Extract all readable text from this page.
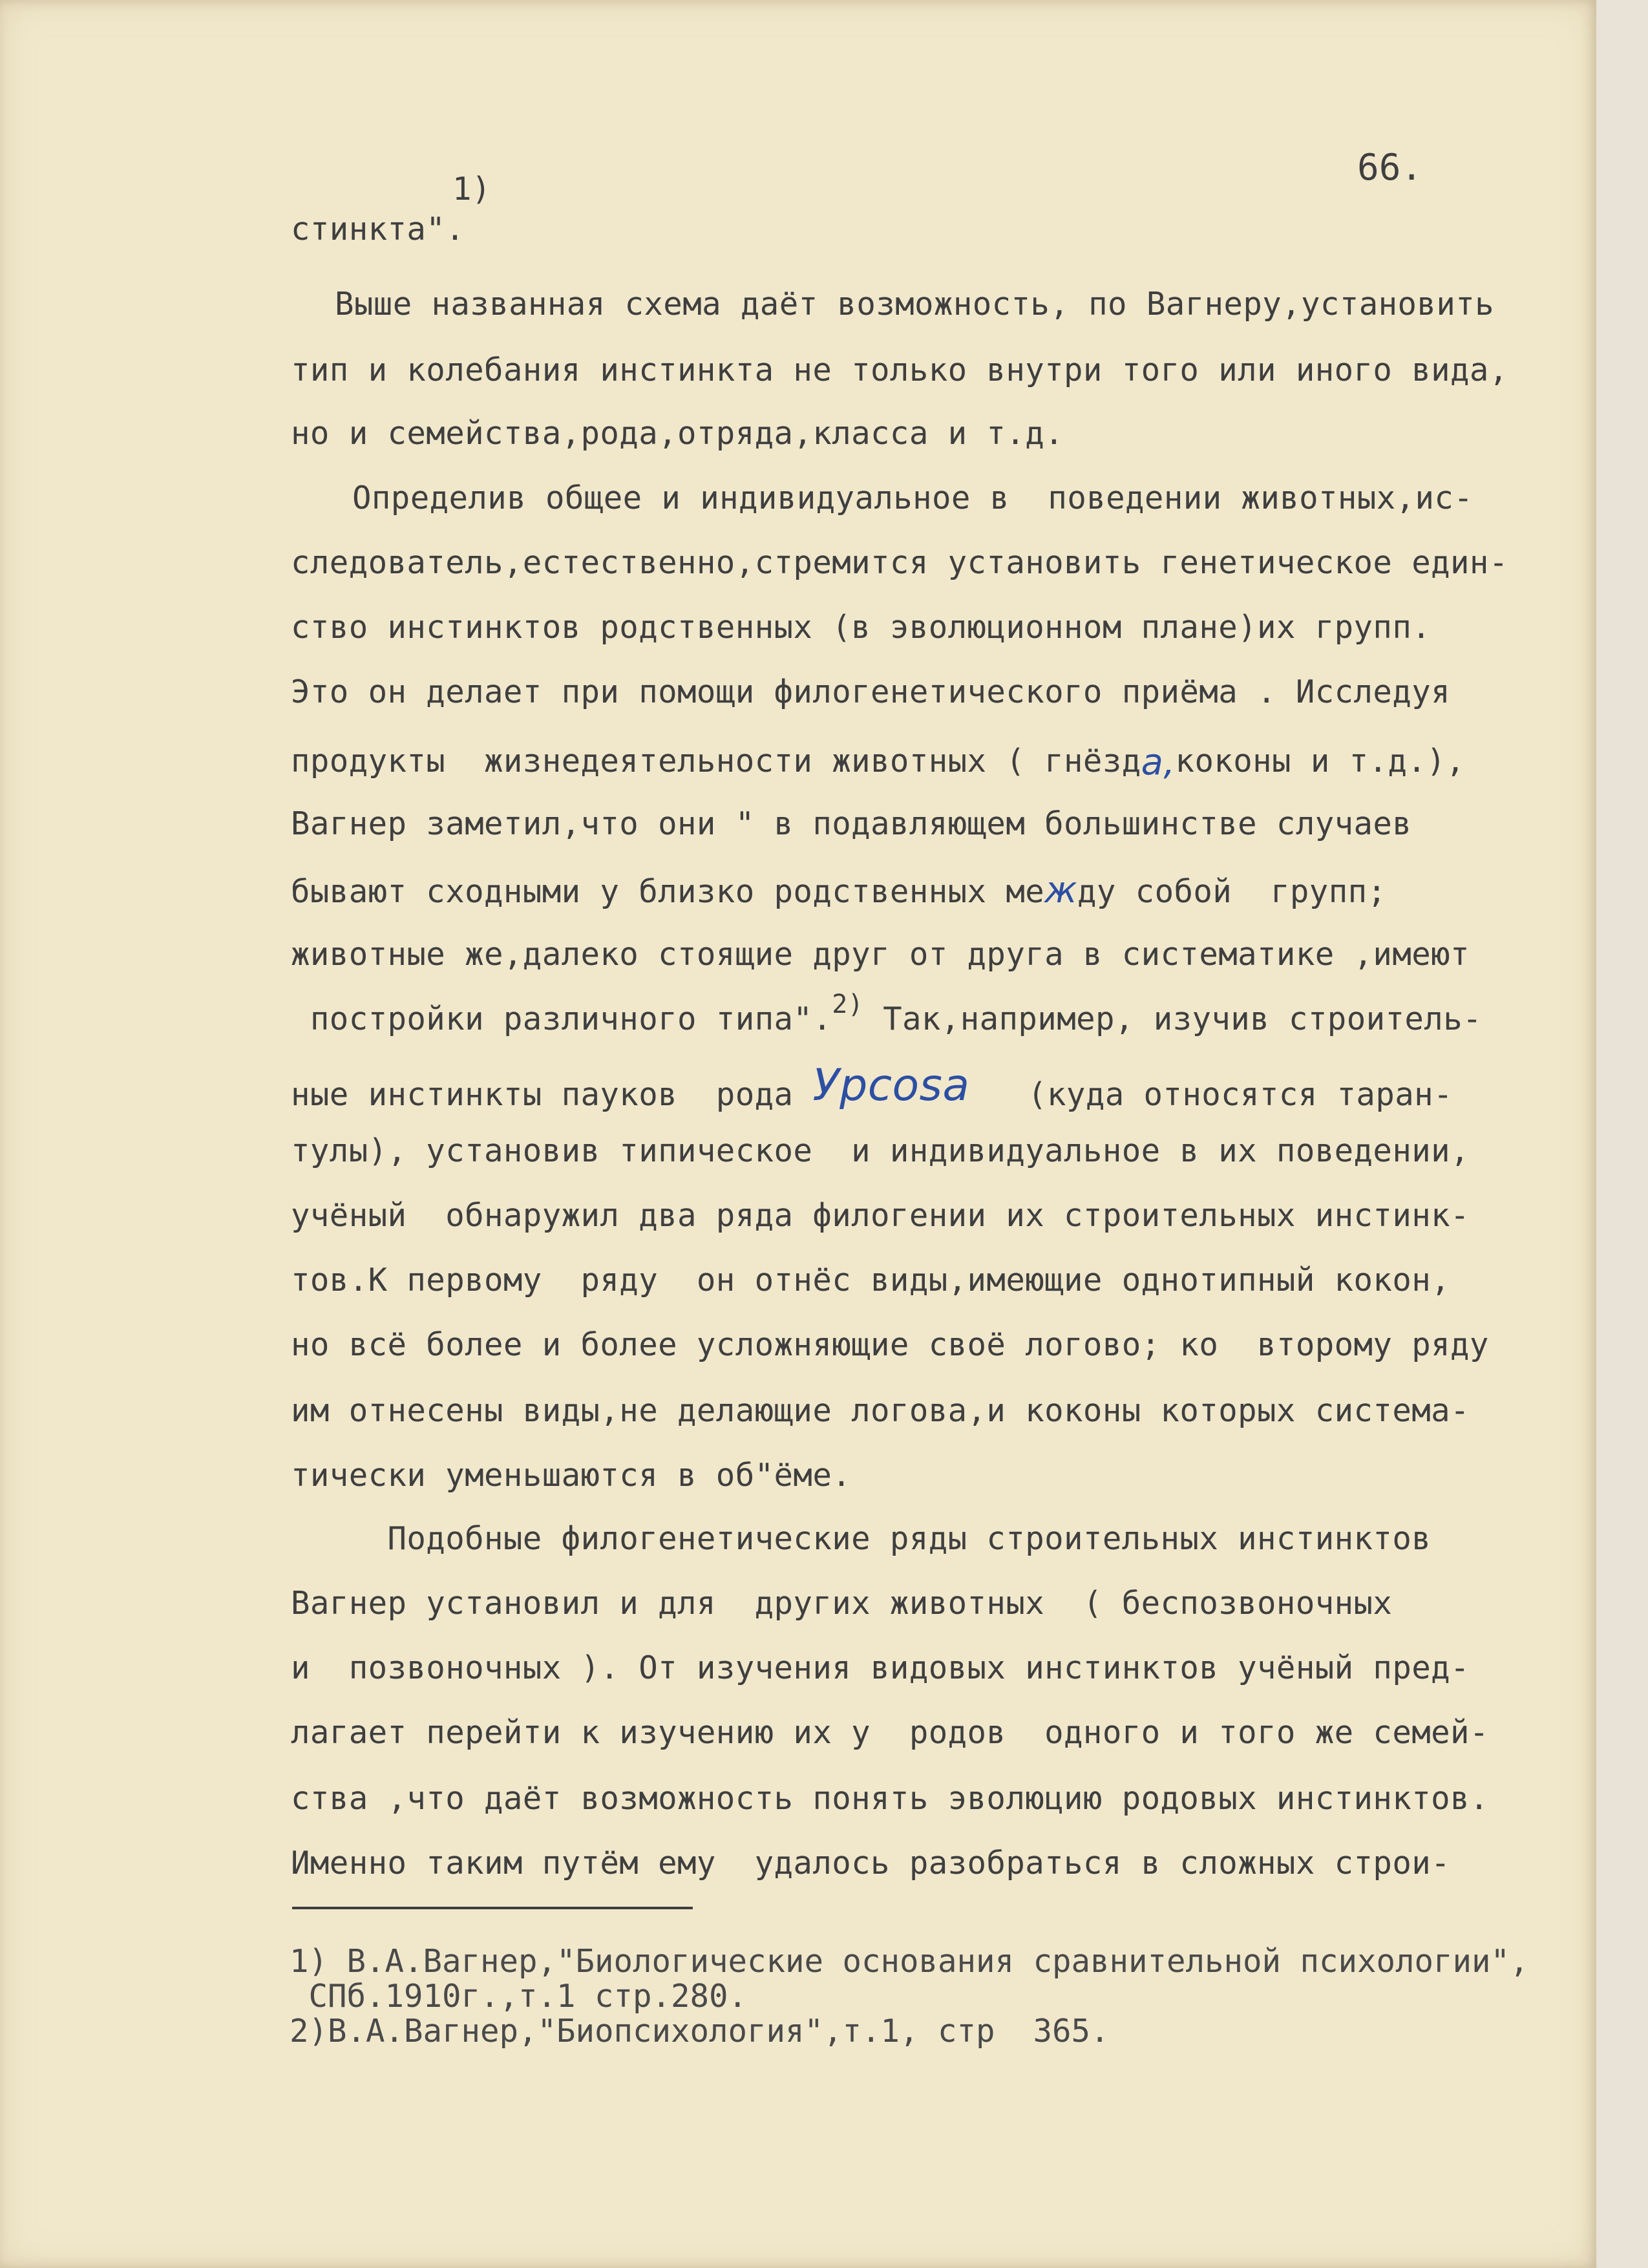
66.
1)
стинкта".
Выше названная схема даёт возможность, по Вагнеру,установить
тип и колебания инстинкта не только внутри того или иного вида,
но и семейства,рода,отряда,класса и т.д.
Определив общее и индивидуальное в  поведении животных,ис-
следователь,естественно,стремится установить генетическое един-
ство инстинктов родственных (в эволюционном плане)их групп.
Это он делает при помощи филогенетического приёма . Исследуя
продукты  жизнедеятельности животных ( гнёзда,коконы и т.д.),
Вагнер заметил,что они " в подавляющем большинстве случаев
бывают сходными у близко родственных между собой  групп;
животные же,далеко стоящие друг от друга в систематике ,имеют
постройки различного типа".$^{2)}$ Так,например, изучив строитель-
ные инстинкты пауков  рода Уpcosa   (куда относятся таран-
тулы), установив типическое  и индивидуальное в их поведении,
учёный  обнаружил два ряда филогении их строительных инстинк-
тов.К первому  ряду  он отнёс виды,имеющие однотипный кокон,
но всё более и более усложняющие своё логово; ко  второму ряду
им отнесены виды,не делающие логова,и коконы которых система-
тически уменьшаются в об"ёме.
Подобные филогенетические ряды строительных инстинктов
Вагнер установил и для  других животных  ( беспозвоночных
и  позвоночных ). От изучения видовых инстинктов учёный пред-
лагает перейти к изучению их у  родов  одного и того же семей-
ства ,что даёт возможность понять эволюцию родовых инстинктов.
Именно таким путём ему  удалось разобраться в сложных строи-
1) В.А.Вагнер,"Биологические основания сравнительной психологии",
СПб.1910г.,т.1 стр.280.
2)В.А.Вагнер,"Биопсихология",т.1, стр  365.
